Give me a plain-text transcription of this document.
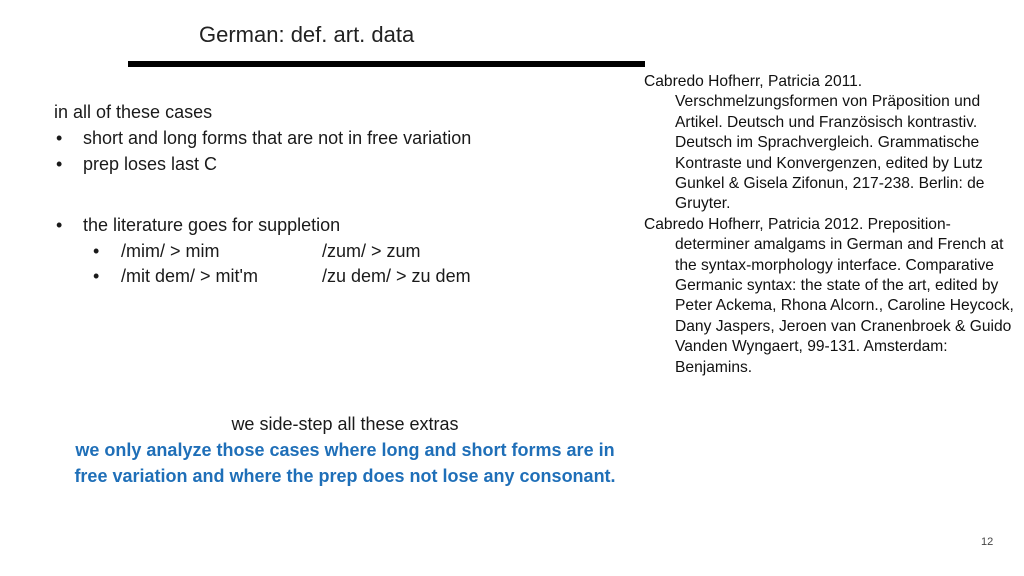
German: def. art. data
in all of these cases
• short and long forms that are not in free variation
• prep loses last C
• the literature goes for suppletion
• /mim/ > mim	/zum/ > zum
• /mit dem/ > mit'm	/zu dem/ > zu dem

Cabredo Hofherr, Patricia 2011. Verschmelzungsformen von Präposition und Artikel. Deutsch und Französisch kontrastiv. Deutsch im Sprachvergleich. Grammatische Kontraste und Konvergenzen, edited by Lutz Gunkel & Gisela Zifonun, 217-238. Berlin: de Gruyter.

Cabredo Hofherr, Patricia 2012. Preposition-determiner amalgams in German and French at the syntax-morphology interface. Comparative Germanic syntax: the state of the art, edited by Peter Ackema, Rhona Alcorn., Caroline Heycock, Dany Jaspers, Jeroen van Cranenbroek & Guido Vanden Wyngaert, 99-131. Amsterdam: Benjamins.

we side-step all these extras
we only analyze those cases where long and short forms are in free variation and where the prep does not lose any consonant.
12
